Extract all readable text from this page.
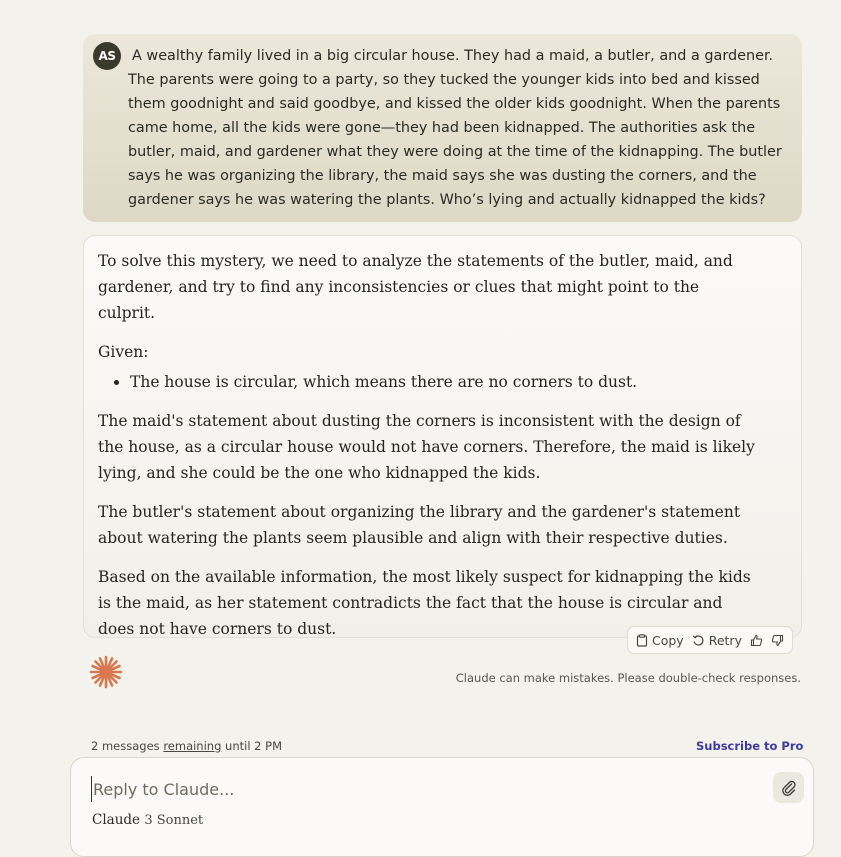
AS	A wealthy family lived in a big circular house. They had a maid, a butler, and a gardener. The parents were going to a party, so they tucked the younger kids into bed and kissed them goodnight and said goodbye, and kissed the older kids goodnight. When the parents came home, all the kids were gone—they had been kidnapped. The authorities ask the butler, maid, and gardener what they were doing at the time of the kidnapping. The butler says he was organizing the library, the maid says she was dusting the corners, and the gardener says he was watering the plants. Who’s lying and actually kidnapped the kids?

To solve this mystery, we need to analyze the statements of the butler, maid, and gardener, and try to find any inconsistencies or clues that might point to the culprit.

Given:

• The house is circular, which means there are no corners to dust.

The maid's statement about dusting the corners is inconsistent with the design of the house, as a circular house would not have corners. Therefore, the maid is likely lying, and she could be the one who kidnapped the kids.

The butler's statement about organizing the library and the gardener's statement about watering the plants seem plausible and align with their respective duties.

Based on the available information, the most likely suspect for kidnapping the kids is the maid, as her statement contradicts the fact that the house is circular and does not have corners to dust.

Copy Retry
Claude can make mistakes. Please double-check responses.
2 messages remaining until 2 PM	Subscribe to Pro
Reply to Claude...
Claude 3 Sonnet
